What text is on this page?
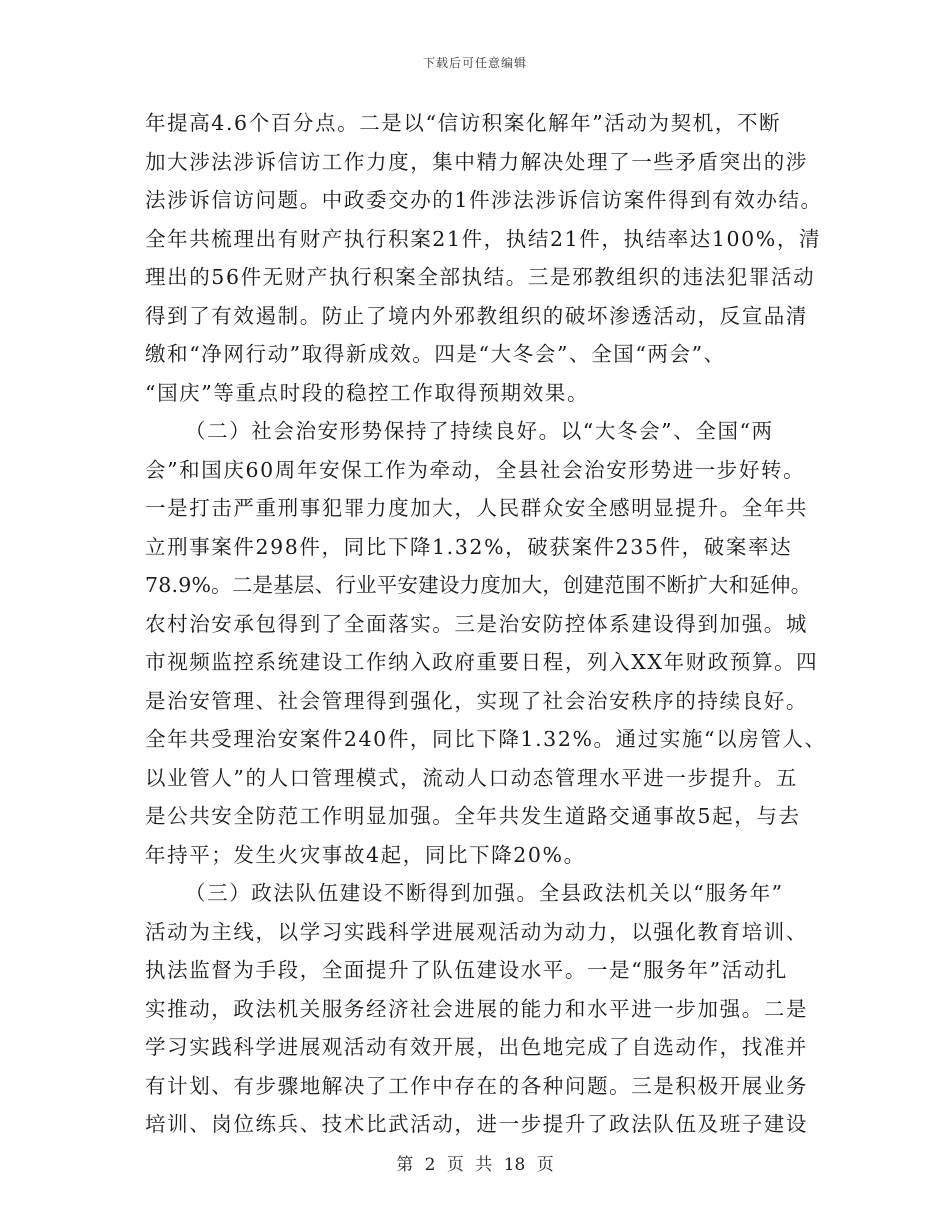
下载后可任意编辑
年提高4.6个百分点。二是以“信访积案化解年”活动为契机，不断
加大涉法涉诉信访工作力度，集中精力解决处理了一些矛盾突出的涉
法涉诉信访问题。中政委交办的1件涉法涉诉信访案件得到有效办结。
全年共梳理出有财产执行积案21件，执结21件，执结率达100%，清
理出的56件无财产执行积案全部执结。三是邪教组织的违法犯罪活动
得到了有效遏制。防止了境内外邪教组织的破坏渗透活动，反宣品清
缴和“净网行动”取得新成效。四是“大冬会”、全国“两会”、
“国庆”等重点时段的稳控工作取得预期效果。
（二）社会治安形势保持了持续良好。以“大冬会”、全国“两
会”和国庆60周年安保工作为牵动，全县社会治安形势进一步好转。
一是打击严重刑事犯罪力度加大，人民群众安全感明显提升。全年共
立刑事案件298件，同比下降1.32%，破获案件235件，破案率达
78.9%。二是基层、行业平安建设力度加大，创建范围不断扩大和延伸。
农村治安承包得到了全面落实。三是治安防控体系建设得到加强。城
市视频监控系统建设工作纳入政府重要日程，列入XX年财政预算。四
是治安管理、社会管理得到强化，实现了社会治安秩序的持续良好。
全年共受理治安案件240件，同比下降1.32%。通过实施“以房管人、
以业管人”的人口管理模式，流动人口动态管理水平进一步提升。五
是公共安全防范工作明显加强。全年共发生道路交通事故5起，与去
年持平；发生火灾事故4起，同比下降20%。
（三）政法队伍建设不断得到加强。全县政法机关以“服务年”
活动为主线，以学习实践科学进展观活动为动力，以强化教育培训、
执法监督为手段，全面提升了队伍建设水平。一是“服务年”活动扎
实推动，政法机关服务经济社会进展的能力和水平进一步加强。二是
学习实践科学进展观活动有效开展，出色地完成了自选动作，找准并
有计划、有步骤地解决了工作中存在的各种问题。三是积极开展业务
培训、岗位练兵、技术比武活动，进一步提升了政法队伍及班子建设
第 2 页 共 18 页
